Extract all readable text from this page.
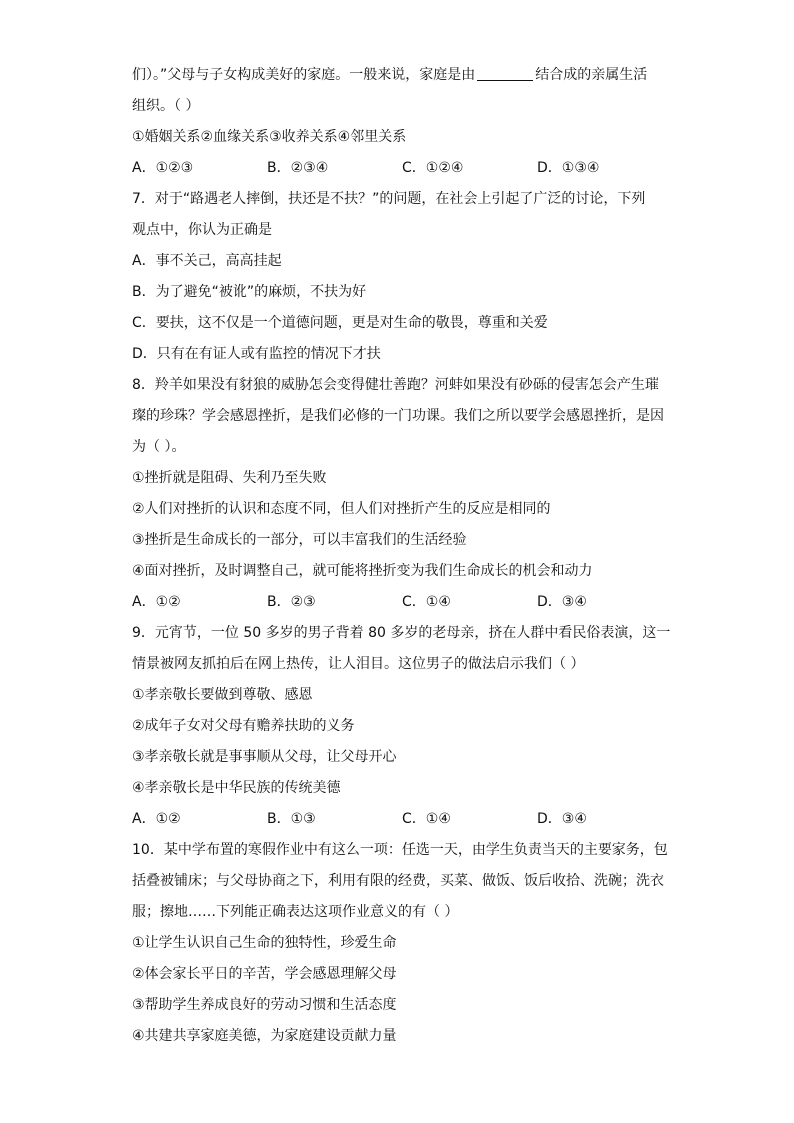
们）。”父母与子女构成美好的家庭。一般来说，家庭是由	结合成的亲属生活
组织。（ ）
①婚姻关系②血缘关系③收养关系④邻里关系
A．①②③	B．②③④	C．①②④	D．①③④
7．对于“路遇老人摔倒，扶还是不扶？”的问题，在社会上引起了广泛的讨论，下列
观点中，你认为正确是
A．事不关己，高高挂起
B．为了避免“被讹”的麻烦，不扶为好
C．要扶，这不仅是一个道德问题，更是对生命的敬畏，尊重和关爱
D．只有在有证人或有监控的情况下才扶
8．羚羊如果没有豺狼的威胁怎会变得健壮善跑？河蚌如果没有砂砾的侵害怎会产生璀
璨的珍珠？学会感恩挫折，是我们必修的一门功课。我们之所以要学会感恩挫折，是因
为（ ）。
①挫折就是阻碍、失利乃至失败
②人们对挫折的认识和态度不同，但人们对挫折产生的反应是相同的
③挫折是生命成长的一部分，可以丰富我们的生活经验
④面对挫折，及时调整自己，就可能将挫折变为我们生命成长的机会和动力
A．①②	B．②③	C．①④	D．③④
9．元宵节，一位 50 多岁的男子背着 80 多岁的老母亲，挤在人群中看民俗表演，这一
情景被网友抓拍后在网上热传，让人泪目。这位男子的做法启示我们（ ）
①孝亲敬长要做到尊敬、感恩
②成年子女对父母有赡养扶助的义务
③孝亲敬长就是事事顺从父母，让父母开心
④孝亲敬长是中华民族的传统美德
A．①②	B．①③	C．①④	D．③④
10．某中学布置的寒假作业中有这么一项：任选一天，由学生负责当天的主要家务，包
括叠被铺床；与父母协商之下，利用有限的经费，买菜、做饭、饭后收拾、洗碗；洗衣
服；擦地……下列能正确表达这项作业意义的有（ ）
①让学生认识自己生命的独特性，珍爱生命
②体会家长平日的辛苦，学会感恩理解父母
③帮助学生养成良好的劳动习惯和生活态度
④共建共享家庭美德，为家庭建设贡献力量
